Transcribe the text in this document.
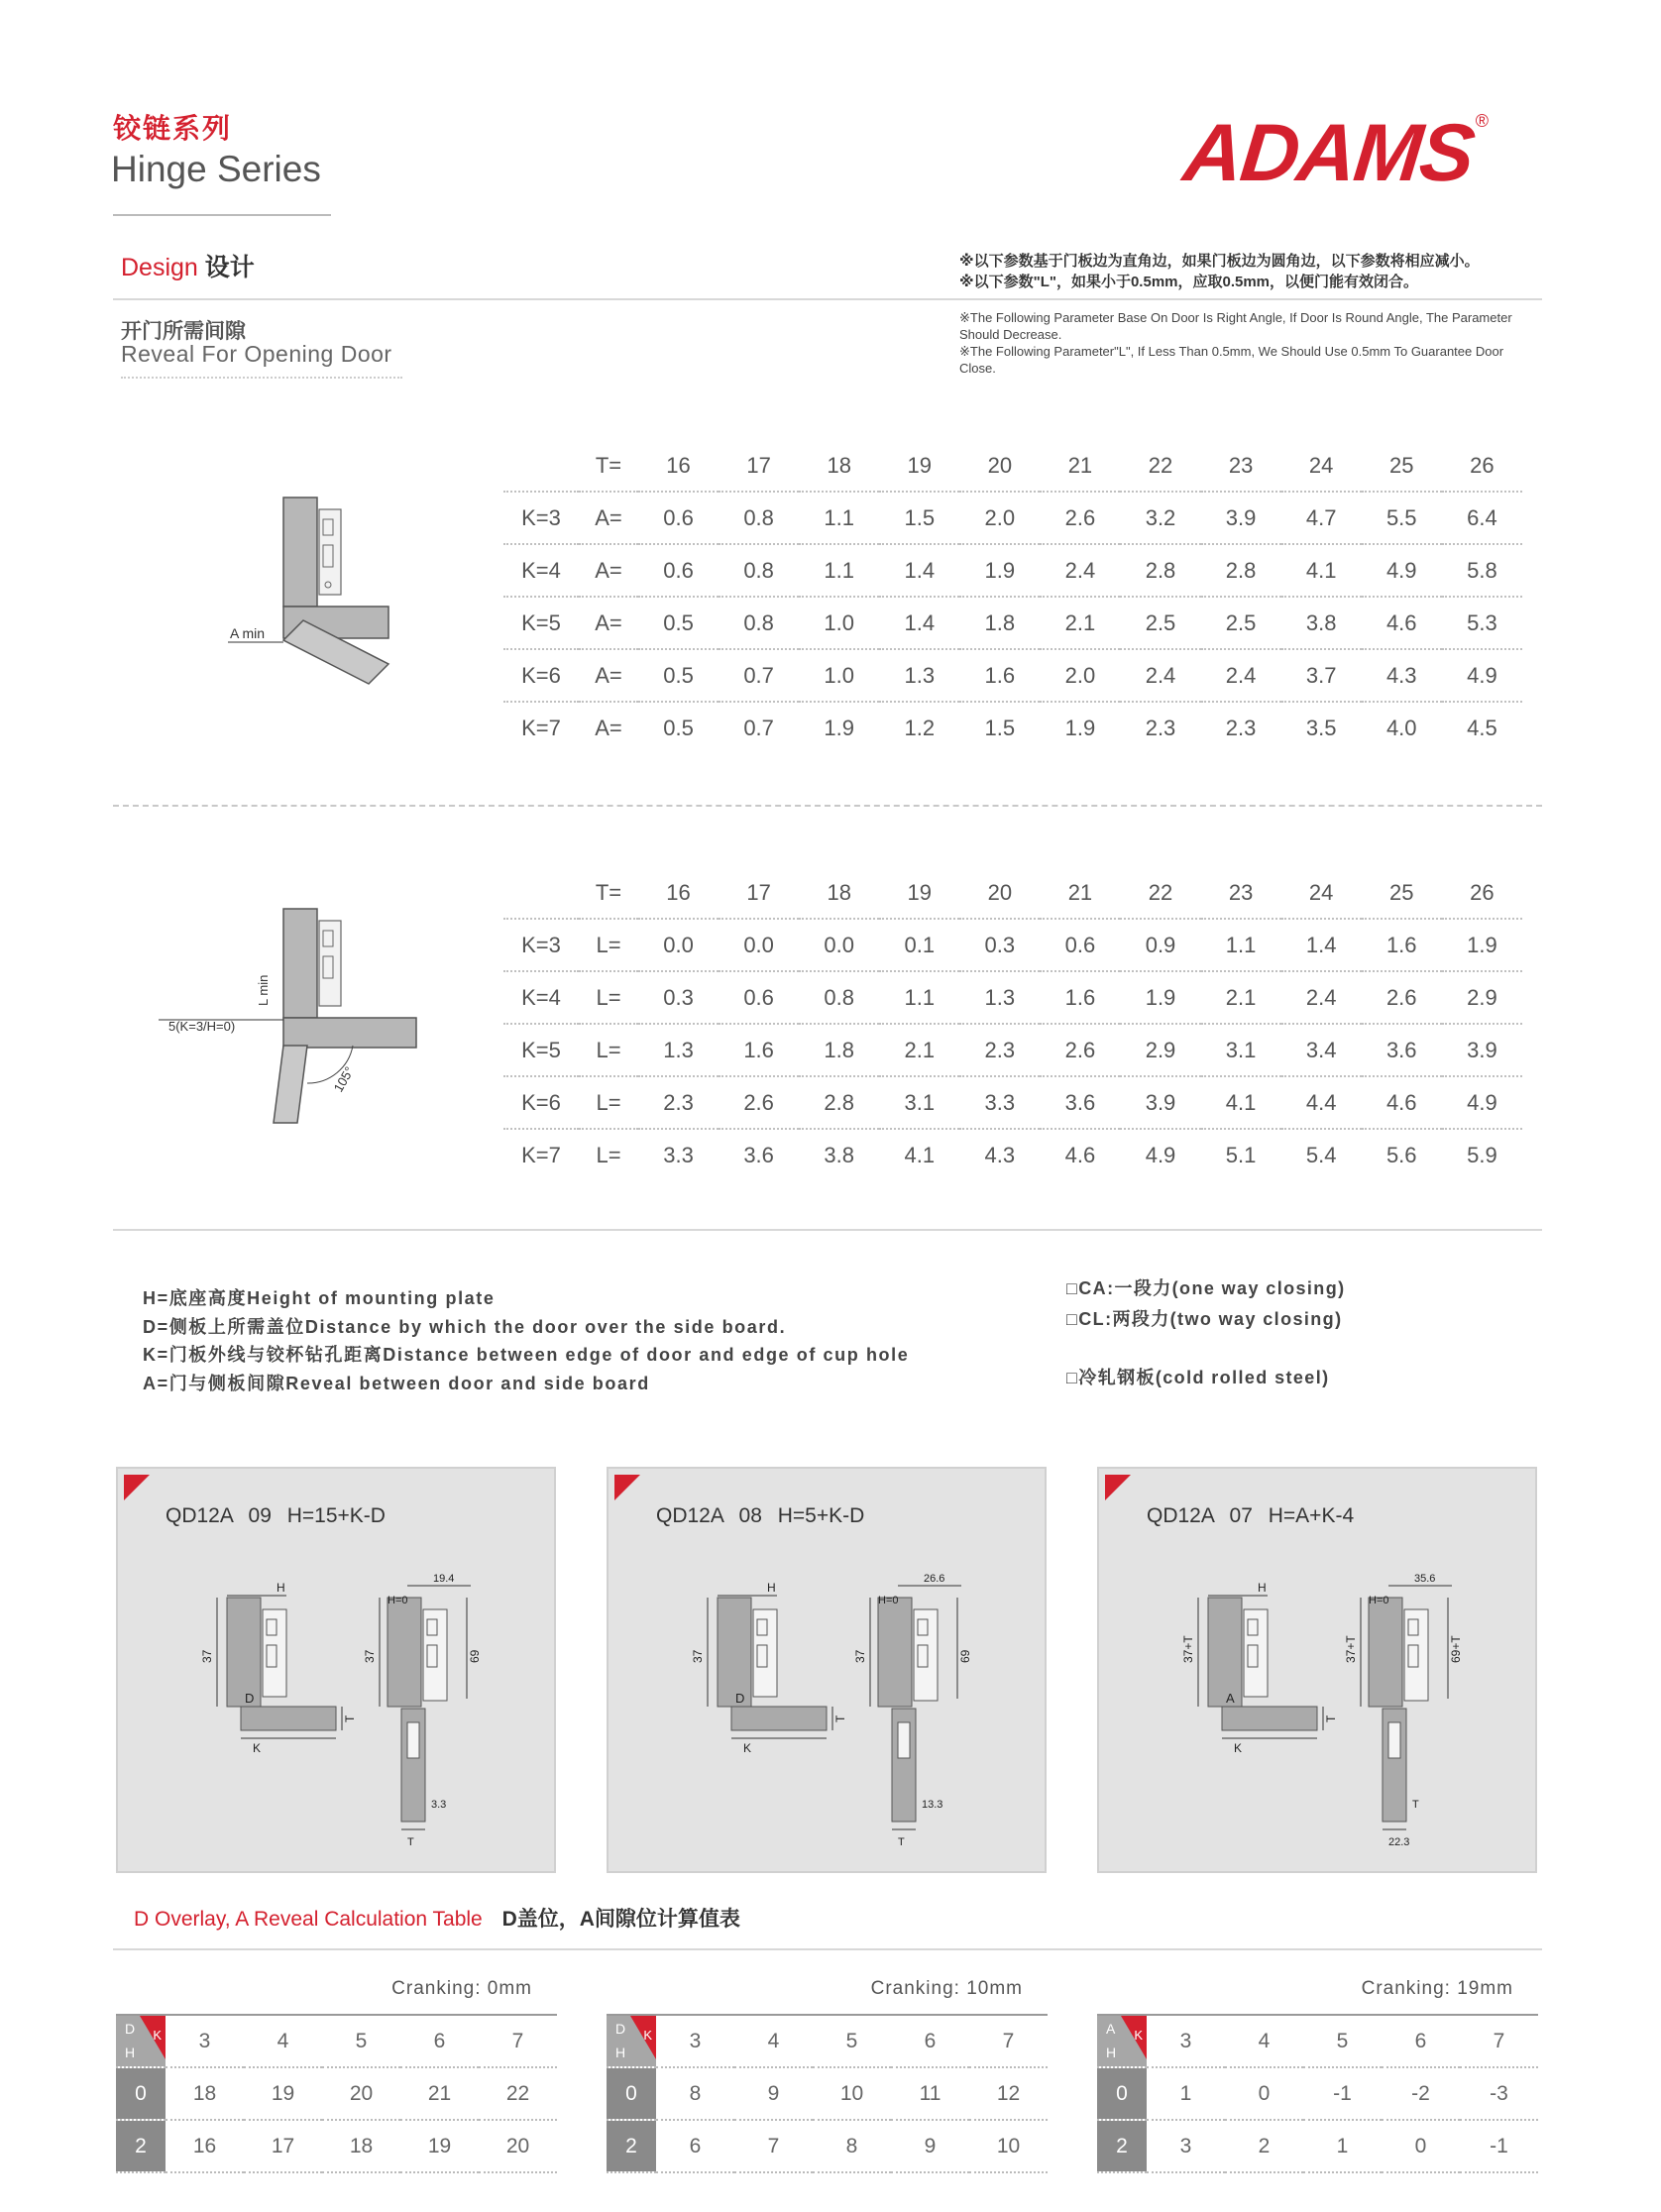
铰链系列
Hinge Series	ADAMS
®
Design 设计	※以下参数基于门板边为直角边，如果门板边为圆角边，以下参数将相应减小。
※以下参数"L"，如果小于0.5mm，应取0.5mm，以便门能有效闭合。
※The Following Parameter Base On Door Is Right Angle, If Door Is Round Angle, The Parameter Should Decrease.
※The Following Parameter"L", If Less Than 0.5mm, We Should Use 0.5mm To Guarantee Door Close.
开门所需间隙
Reveal For Opening Door
A min
	T=	16	17	18	19	20	21	22	23	24	25	26
K=3	A=	0.6	0.8	1.1	1.5	2.0	2.6	3.2	3.9	4.7	5.5	6.4
K=4	A=	0.6	0.8	1.1	1.4	1.9	2.4	2.8	2.8	4.1	4.9	5.8
K=5	A=	0.5	0.8	1.0	1.4	1.8	2.1	2.5	2.5	3.8	4.6	5.3
K=6	A=	0.5	0.7	1.0	1.3	1.6	2.0	2.4	2.4	3.7	4.3	4.9
K=7	A=	0.5	0.7	1.9	1.2	1.5	1.9	2.3	2.3	3.5	4.0	4.5
5(K=3/H=0)
L min
105°
	T=	16	17	18	19	20	21	22	23	24	25	26
K=3	L=	0.0	0.0	0.0	0.1	0.3	0.6	0.9	1.1	1.4	1.6	1.9
K=4	L=	0.3	0.6	0.8	1.1	1.3	1.6	1.9	2.1	2.4	2.6	2.9
K=5	L=	1.3	1.6	1.8	2.1	2.3	2.6	2.9	3.1	3.4	3.6	3.9
K=6	L=	2.3	2.6	2.8	3.1	3.3	3.6	3.9	4.1	4.4	4.6	4.9
K=7	L=	3.3	3.6	3.8	4.1	4.3	4.6	4.9	5.1	5.4	5.6	5.9
H=底座高度Height of mounting plate
D=侧板上所需盖位Distance by which the door over the side board.
K=门板外线与铰杯钻孔距离Distance between edge of door and edge of cup hole
A=门与侧板间隙Reveal between door and side board
□CA:一段力(one way closing)
□CL:两段力(two way closing)
□冷轧钢板(cold rolled steel)
QD12A 09 H=15+K-D
H
37
D
K
T
H=0
19.4
37	69
3.3
T
QD12A 08 H=5+K-D
H
37
D
K
T
H=0
26.6
37	69
13.3
T
QD12A 07 H=A+K-4
H
37+T
A
K
T
H=0
35.6
37+T	69+T
T
22.3
D Overlay, A Reveal Calculation Table D盖位，A间隙位计算值表
Cranking: 0mm
D
H
K	3	4	5	6	7
0	18	19	20	21	22
2	16	17	18	19	20
Cranking: 10mm
D
H
K	3	4	5	6	7
0	8	9	10	11	12
2	6	7	8	9	10
Cranking: 19mm
A
H
K	3	4	5	6	7
0	1	0	-1	-2	-3
2	3	2	1	0	-1
